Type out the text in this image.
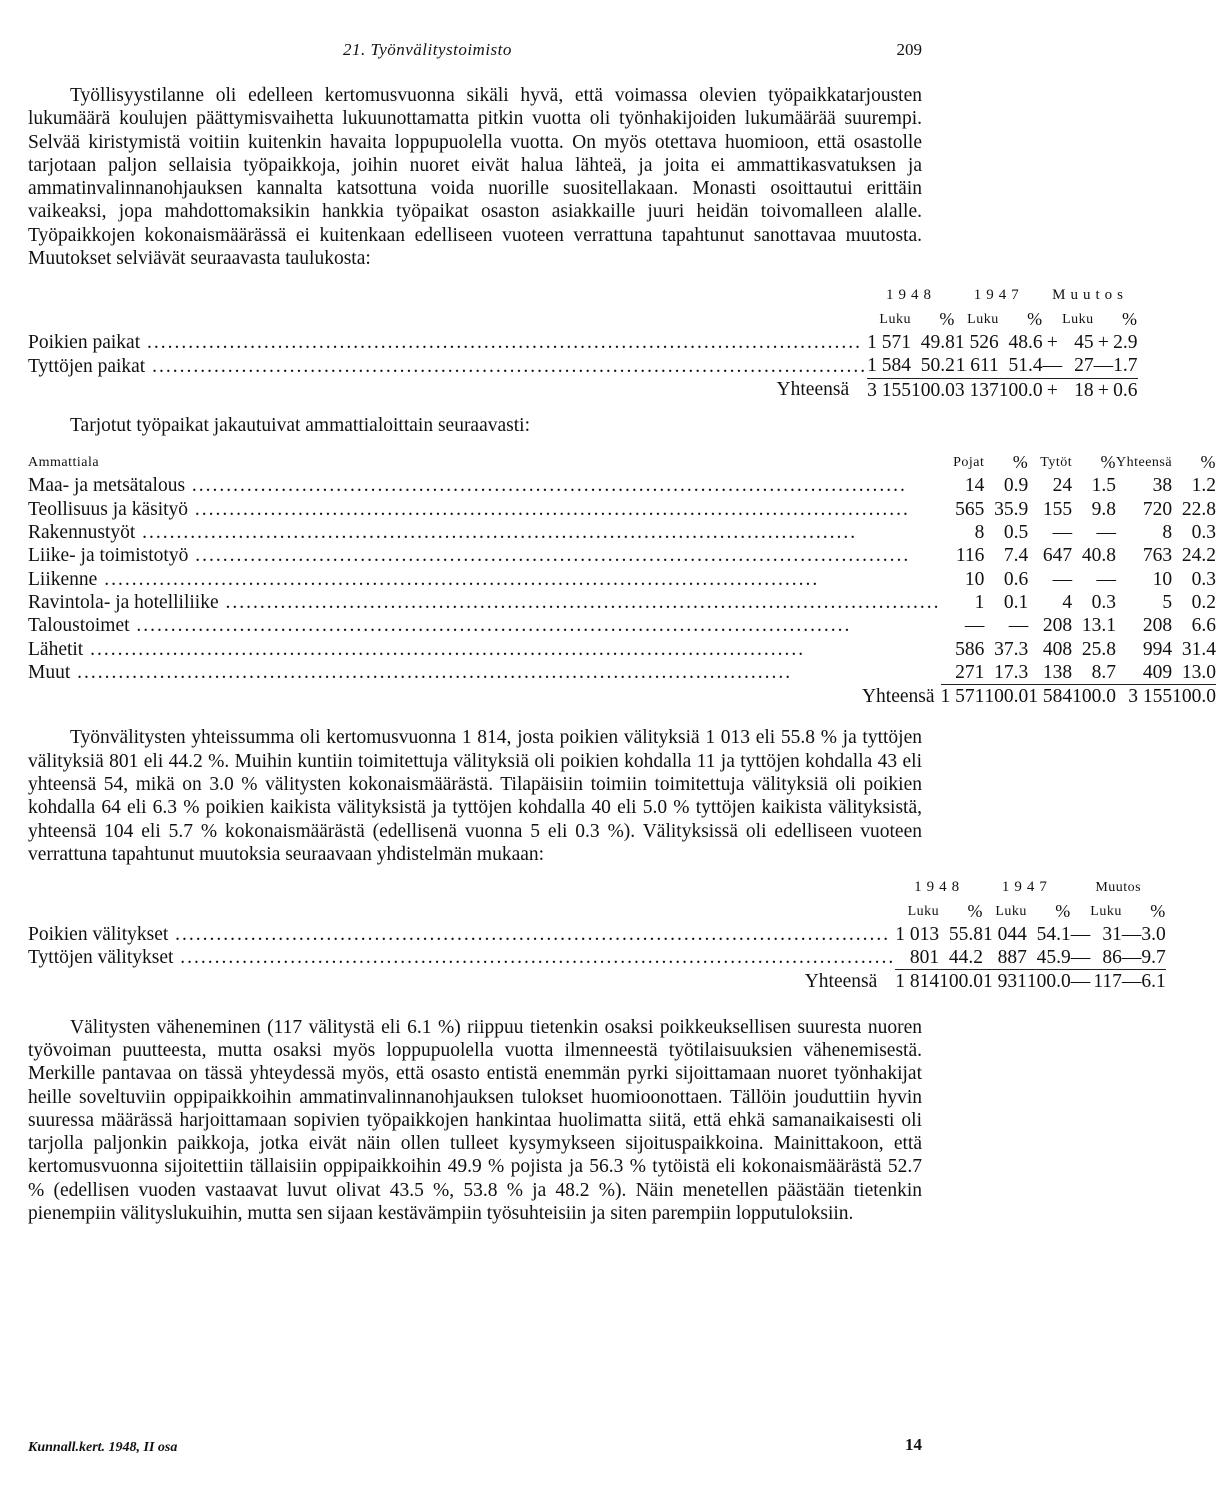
21. Työnvälitystoimisto	209

Työllisyystilanne oli edelleen kertomusvuonna sikäli hyvä, että voimassa olevien työpaikkatarjousten lukumäärä koulujen päättymisvaihetta lukuunottamatta pitkin vuotta oli työnhakijoiden lukumäärää suurempi. Selvää kiristymistä voitiin kuitenkin havaita loppupuolella vuotta. On myös otettava huomioon, että osastolle tarjotaan paljon sellaisia työpaikkoja, joihin nuoret eivät halua lähteä, ja joita ei ammattikasvatuksen ja ammatinvalinnanohjauksen kannalta katsottuna voida nuorille suositellakaan. Monasti osoittautui erittäin vaikeaksi, jopa mahdottomaksikin hankkia työpaikat osaston asiakkaille juuri heidän toivomalleen alalle. Työpaikkojen kokonaismäärässä ei kuitenkaan edelliseen vuoteen verrattuna tapahtunut sanottavaa muutosta. Muutokset selviävät seuraavasta taulukosta:

	1948		1947		Muutos			
	Luku	%		Luku	%		Luku		%
Poikien paikat .....	1 571	49.8		1 526	48.6	+	45	+	2.9
Tyttöjen paikat .....	1 584	50.2		1 611	51.4	—	27	—	1.7
Yhteensä	3 155	100.0		3 137	100.0	+	18	+	0.6

Tarjotut työpaikat jakautuivat ammattialoittain seuraavasti:

Ammattiala	Pojat	%	Tytöt	%	Yhteensä	%
Maa- ja metsätalous .....	14	0.9	24	1.5	38	1.2
Teollisuus ja käsityö .....	565	35.9	155	9.8	720	22.8
Rakennustyöt .....	8	0.5	—	—	8	0.3
Liike- ja toimistotyö .....	116	7.4	647	40.8	763	24.2
Liikenne .....	10	0.6	—	—	10	0.3
Ravintola- ja hotelliliike .....	1	0.1	4	0.3	5	0.2
Taloustoimet .....	—	—	208	13.1	208	6.6
Lähetit .....	586	37.3	408	25.8	994	31.4
Muut .....	271	17.3	138	8.7	409	13.0
Yhteensä	1 571	100.0	1 584	100.0	3 155	100.0

Työnvälitysten yhteissumma oli kertomusvuonna 1 814, josta poikien välityksiä 1 013 eli 55.8 % ja tyttöjen välityksiä 801 eli 44.2 %. Muihin kuntiin toimitettuja välityksiä oli poikien kohdalla 11 ja tyttöjen kohdalla 43 eli yhteensä 54, mikä on 3.0 % välitysten kokonaismäärästä. Tilapäisiin toimiin toimitettuja välityksiä oli poikien kohdalla 64 eli 6.3 % poikien kaikista välityksistä ja tyttöjen kohdalla 40 eli 5.0 % tyttöjen kaikista välityksistä, yhteensä 104 eli 5.7 % kokonaismäärästä (edellisenä vuonna 5 eli 0.3 %). Välityksissä oli edelliseen vuoteen verrattuna tapahtunut muutoksia seuraavaan yhdistelmän mukaan:

	1948		1947		Muutos			
	Luku	%		Luku	%		Luku		%
Poikien välitykset .....	1 013	55.8		1 044	54.1	—	31	—	3.0
Tyttöjen välitykset .....	801	44.2		887	45.9	—	86	—	9.7
Yhteensä	1 814	100.0		1 931	100.0	—	117	—	6.1

Välitysten väheneminen (117 välitystä eli 6.1 %) riippuu tietenkin osaksi poikkeuksellisen suuresta nuoren työvoiman puutteesta, mutta osaksi myös loppupuolella vuotta ilmenneestä työtilaisuuksien vähenemisestä. Merkille pantavaa on tässä yhteydessä myös, että osasto entistä enemmän pyrki sijoittamaan nuoret työnhakijat heille soveltuviin oppipaikkoihin ammatinvalinnanohjauksen tulokset huomioonottaen. Tällöin jouduttiin hyvin suuressa määrässä harjoittamaan sopivien työpaikkojen hankintaa huolimatta siitä, että ehkä samanaikaisesti oli tarjolla paljonkin paikkoja, jotka eivät näin ollen tulleet kysymykseen sijoituspaikkoina. Mainittakoon, että kertomusvuonna sijoitettiin tällaisiin oppipaikkoihin 49.9 % pojista ja 56.3 % tytöistä eli kokonaismäärästä 52.7 % (edellisen vuoden vastaavat luvut olivat 43.5 %, 53.8 % ja 48.2 %). Näin menetellen päästään tietenkin pienempiin välityslukuihin, mutta sen sijaan kestävämpiin työsuhteisiin ja siten parempiin lopputuloksiin.

Kunnall.kert. 1948, II osa	14
